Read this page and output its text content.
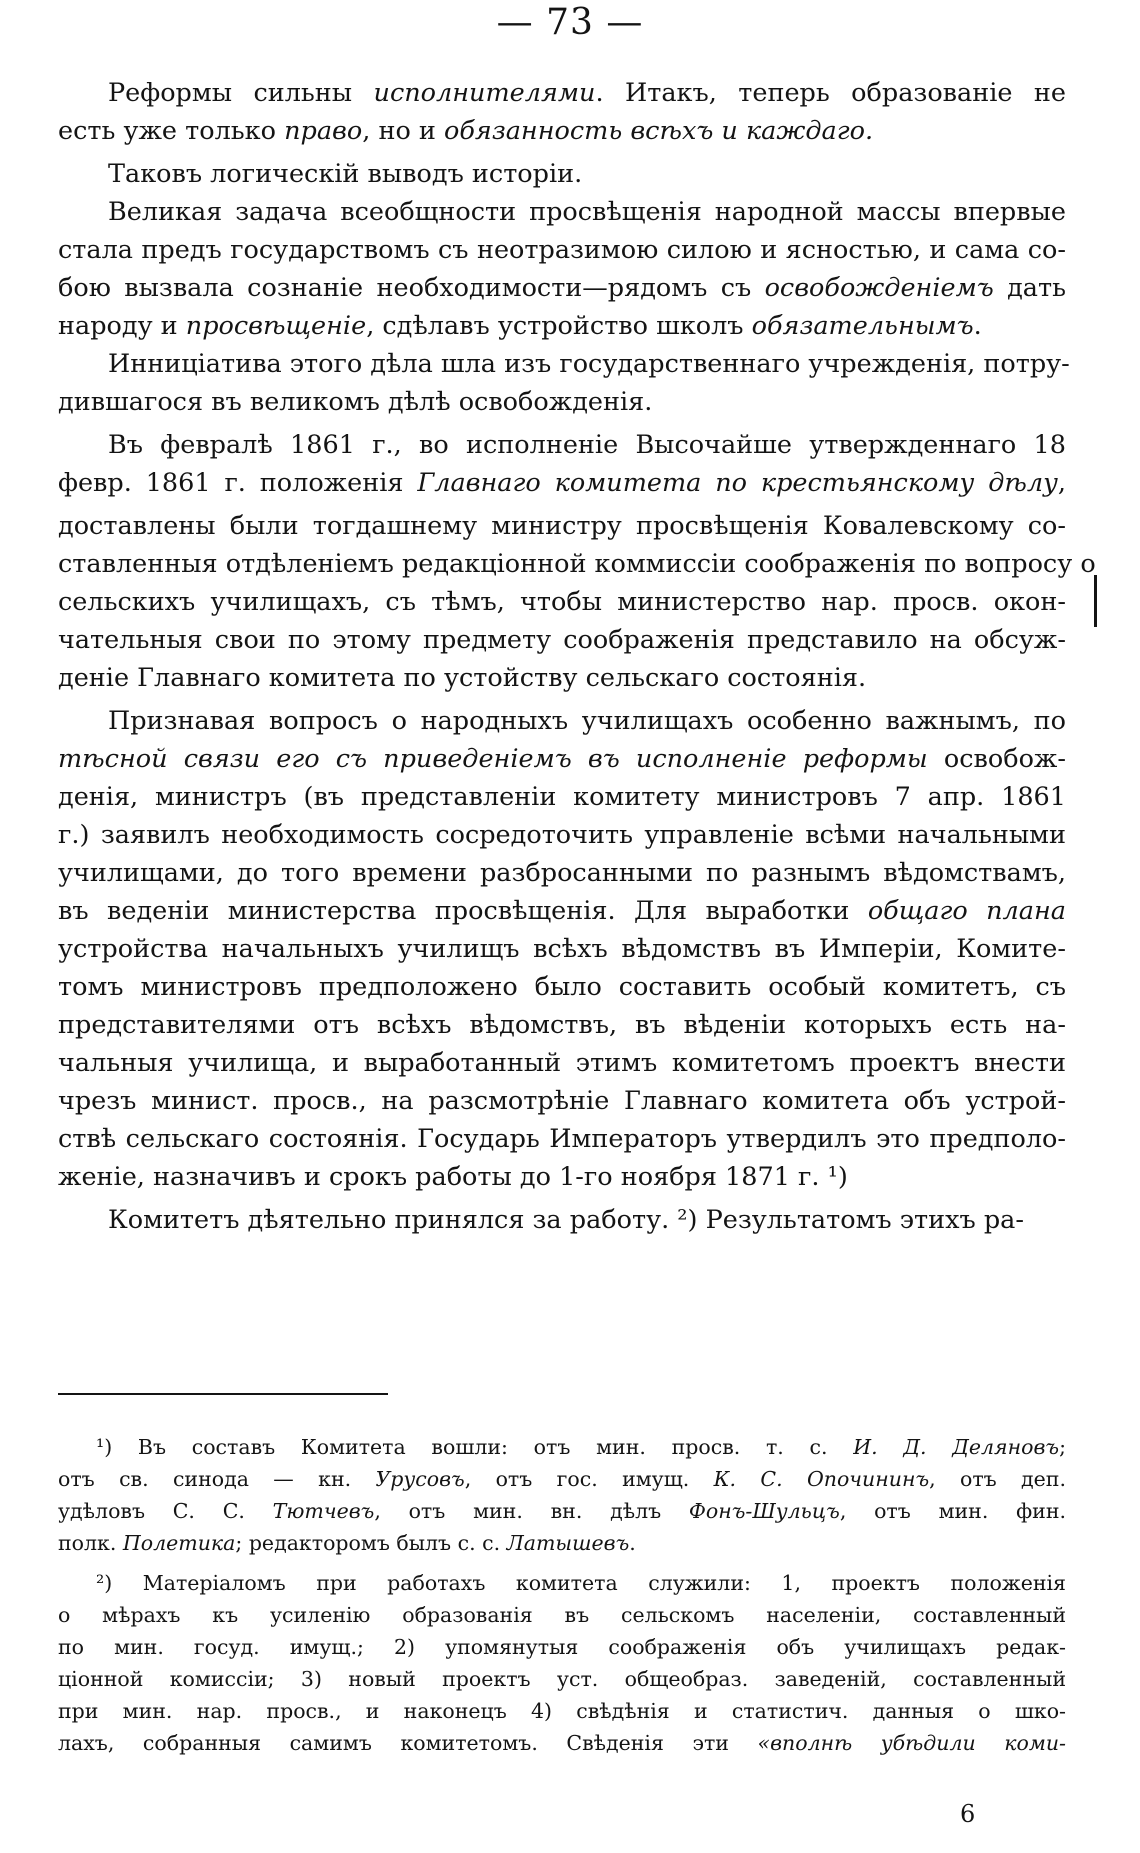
— 73 —
Реформы сильны исполнителями. Итакъ, теперь образованіе не
есть уже только право, но и обязанность всѣхъ и каждаго.
Таковъ логическій выводъ исторіи.
Великая задача всеобщности просвѣщенія народной массы впервые
стала предъ государствомъ съ неотразимою силою и ясностью, и сама со-
бою вызвала сознаніе необходимости—рядомъ съ освобожденіемъ дать
народу и просвѣщеніе, сдѣлавъ устройство школъ обязательнымъ.
Инниціатива этого дѣла шла изъ государственнаго учрежденія, потру-
дившагося въ великомъ дѣлѣ освобожденія.
Въ февралѣ 1861 г., во исполненіе Высочайше утвержденнаго 18
февр. 1861 г. положенія Главнаго комитета по крестьянскому дѣлу,
доставлены были тогдашнему министру просвѣщенія Ковалевскому со-
ставленныя отдѣленіемъ редакціонной коммиссіи соображенія по вопросу о
сельскихъ училищахъ, съ тѣмъ, чтобы министерство нар. просв. окон-
чательныя свои по этому предмету соображенія представило на обсуж-
деніе Главнаго комитета по устойству сельскаго состоянія.
Признавая вопросъ о народныхъ училищахъ особенно важнымъ, по
тѣсной связи его съ приведеніемъ въ исполненіе реформы освобож-
денія, министръ (въ представленіи комитету министровъ 7 апр. 1861
г.) заявилъ необходимость сосредоточить управленіе всѣми начальными
училищами, до того времени разбросанными по разнымъ вѣдомствамъ,
въ веденіи министерства просвѣщенія. Для выработки общаго плана
устройства начальныхъ училищъ всѣхъ вѣдомствъ въ Имперіи, Комите-
томъ министровъ предположено было составить особый комитетъ, съ
представителями отъ всѣхъ вѣдомствъ, въ вѣденіи которыхъ есть на-
чальныя училища, и выработанный этимъ комитетомъ проектъ внести
чрезъ минист. просв., на разсмотрѣніе Главнаго комитета объ устрой-
ствѣ сельскаго состоянія. Государь Императоръ утвердилъ это предполо-
женіе, назначивъ и срокъ работы до 1-го ноября 1871 г. ¹)
Комитетъ дѣятельно принялся за работу. ²) Результатомъ этихъ ра-
¹) Въ составъ Комитета вошли: отъ мин. просв. т. с. И. Д. Деляновъ;
отъ св. синода — кн. Урусовъ, отъ гос. имущ. К. С. Опочининъ, отъ деп.
удѣловъ С. С. Тютчевъ, отъ мин. вн. дѣлъ Фонъ-Шульцъ, отъ мин. фин.
полк. Полетика; редакторомъ былъ с. с. Латышевъ.
²) Матеріаломъ при работахъ комитета служили: 1, проектъ положенія
о мѣрахъ къ усиленію образованія въ сельскомъ населеніи, составленный
по мин. госуд. имущ.; 2) упомянутыя соображенія объ училищахъ редак-
ціонной комиссіи; 3) новый проектъ уст. общеобраз. заведеній, составленный
при мин. нар. просв., и наконецъ 4) свѣдѣнія и статистич. данныя о шко-
лахъ, собранныя самимъ комитетомъ. Свѣденія эти «вполнѣ убѣдили коми-
6
